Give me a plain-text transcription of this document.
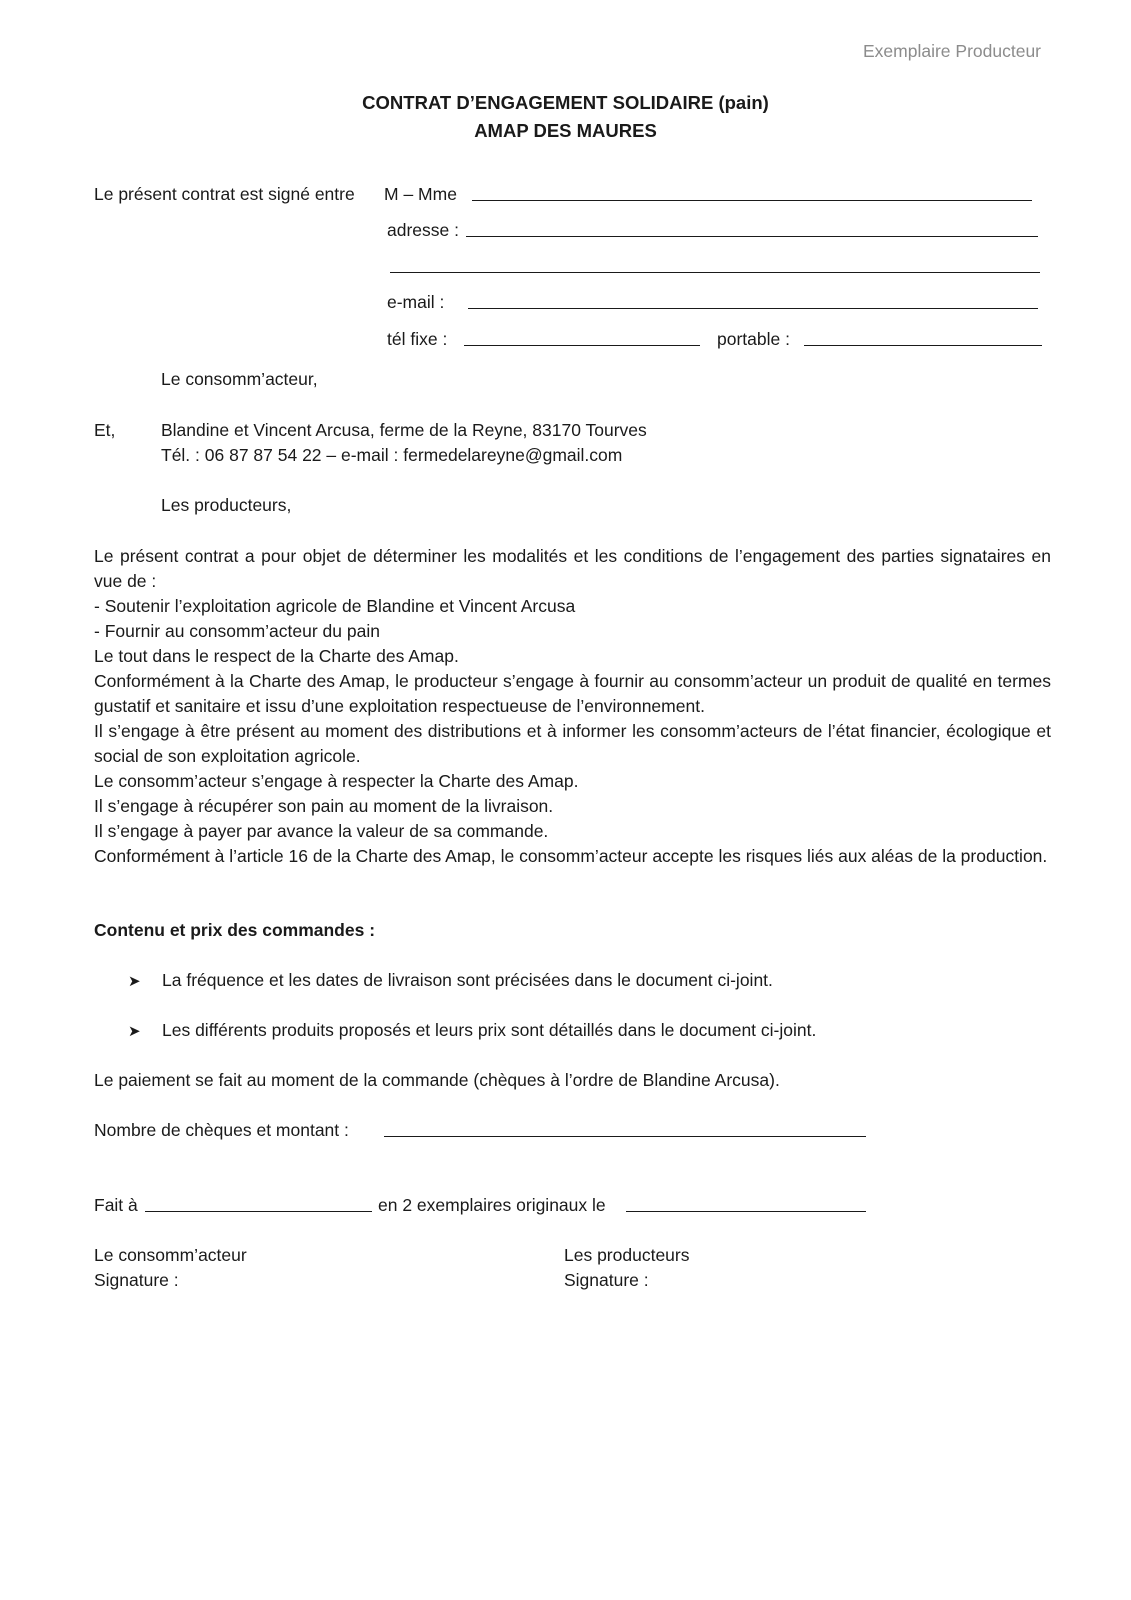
Exemplaire Producteur
CONTRAT D’ENGAGEMENT SOLIDAIRE (pain)
AMAP DES MAURES
Le présent contrat est signé entre M – Mme
adresse :
e-mail :
tél fixe :	portable :
Le consomm’acteur,
Et,	Blandine et Vincent Arcusa, ferme de la Reyne, 83170 Tourves
Tél. : 06 87 87 54 22 – e-mail : fermedelareyne@gmail.com
Les producteurs,

Le présent contrat a pour objet de déterminer les modalités et les conditions de l’engagement des parties signataires en vue de :

- Soutenir l’exploitation agricole de Blandine et Vincent Arcusa

- Fournir au consomm’acteur du pain

Le tout dans le respect de la Charte des Amap.

Conformément à la Charte des Amap, le producteur s’engage à fournir au consomm’acteur un produit de qualité en termes gustatif et sanitaire et issu d’une exploitation respectueuse de l’environnement.

Il s’engage à être présent au moment des distributions et à informer les consomm’acteurs de l’état financier, écologique et social de son exploitation agricole.

Le consomm’acteur s’engage à respecter la Charte des Amap.

Il s’engage à récupérer son pain au moment de la livraison.

Il s’engage à payer par avance la valeur de sa commande.

Conformément à l’article 16 de la Charte des Amap, le consomm’acteur accepte les risques liés aux aléas de la production.

Contenu et prix des commandes :
➤ La fréquence et les dates de livraison sont précisées dans le document ci-joint.
➤ Les différents produits proposés et leurs prix sont détaillés dans le document ci-joint.
Le paiement se fait au moment de la commande (chèques à l’ordre de Blandine Arcusa).
Nombre de chèques et montant :
Fait à	en 2 exemplaires originaux le
Le consomm’acteur
Signature :
Les producteurs
Signature :
